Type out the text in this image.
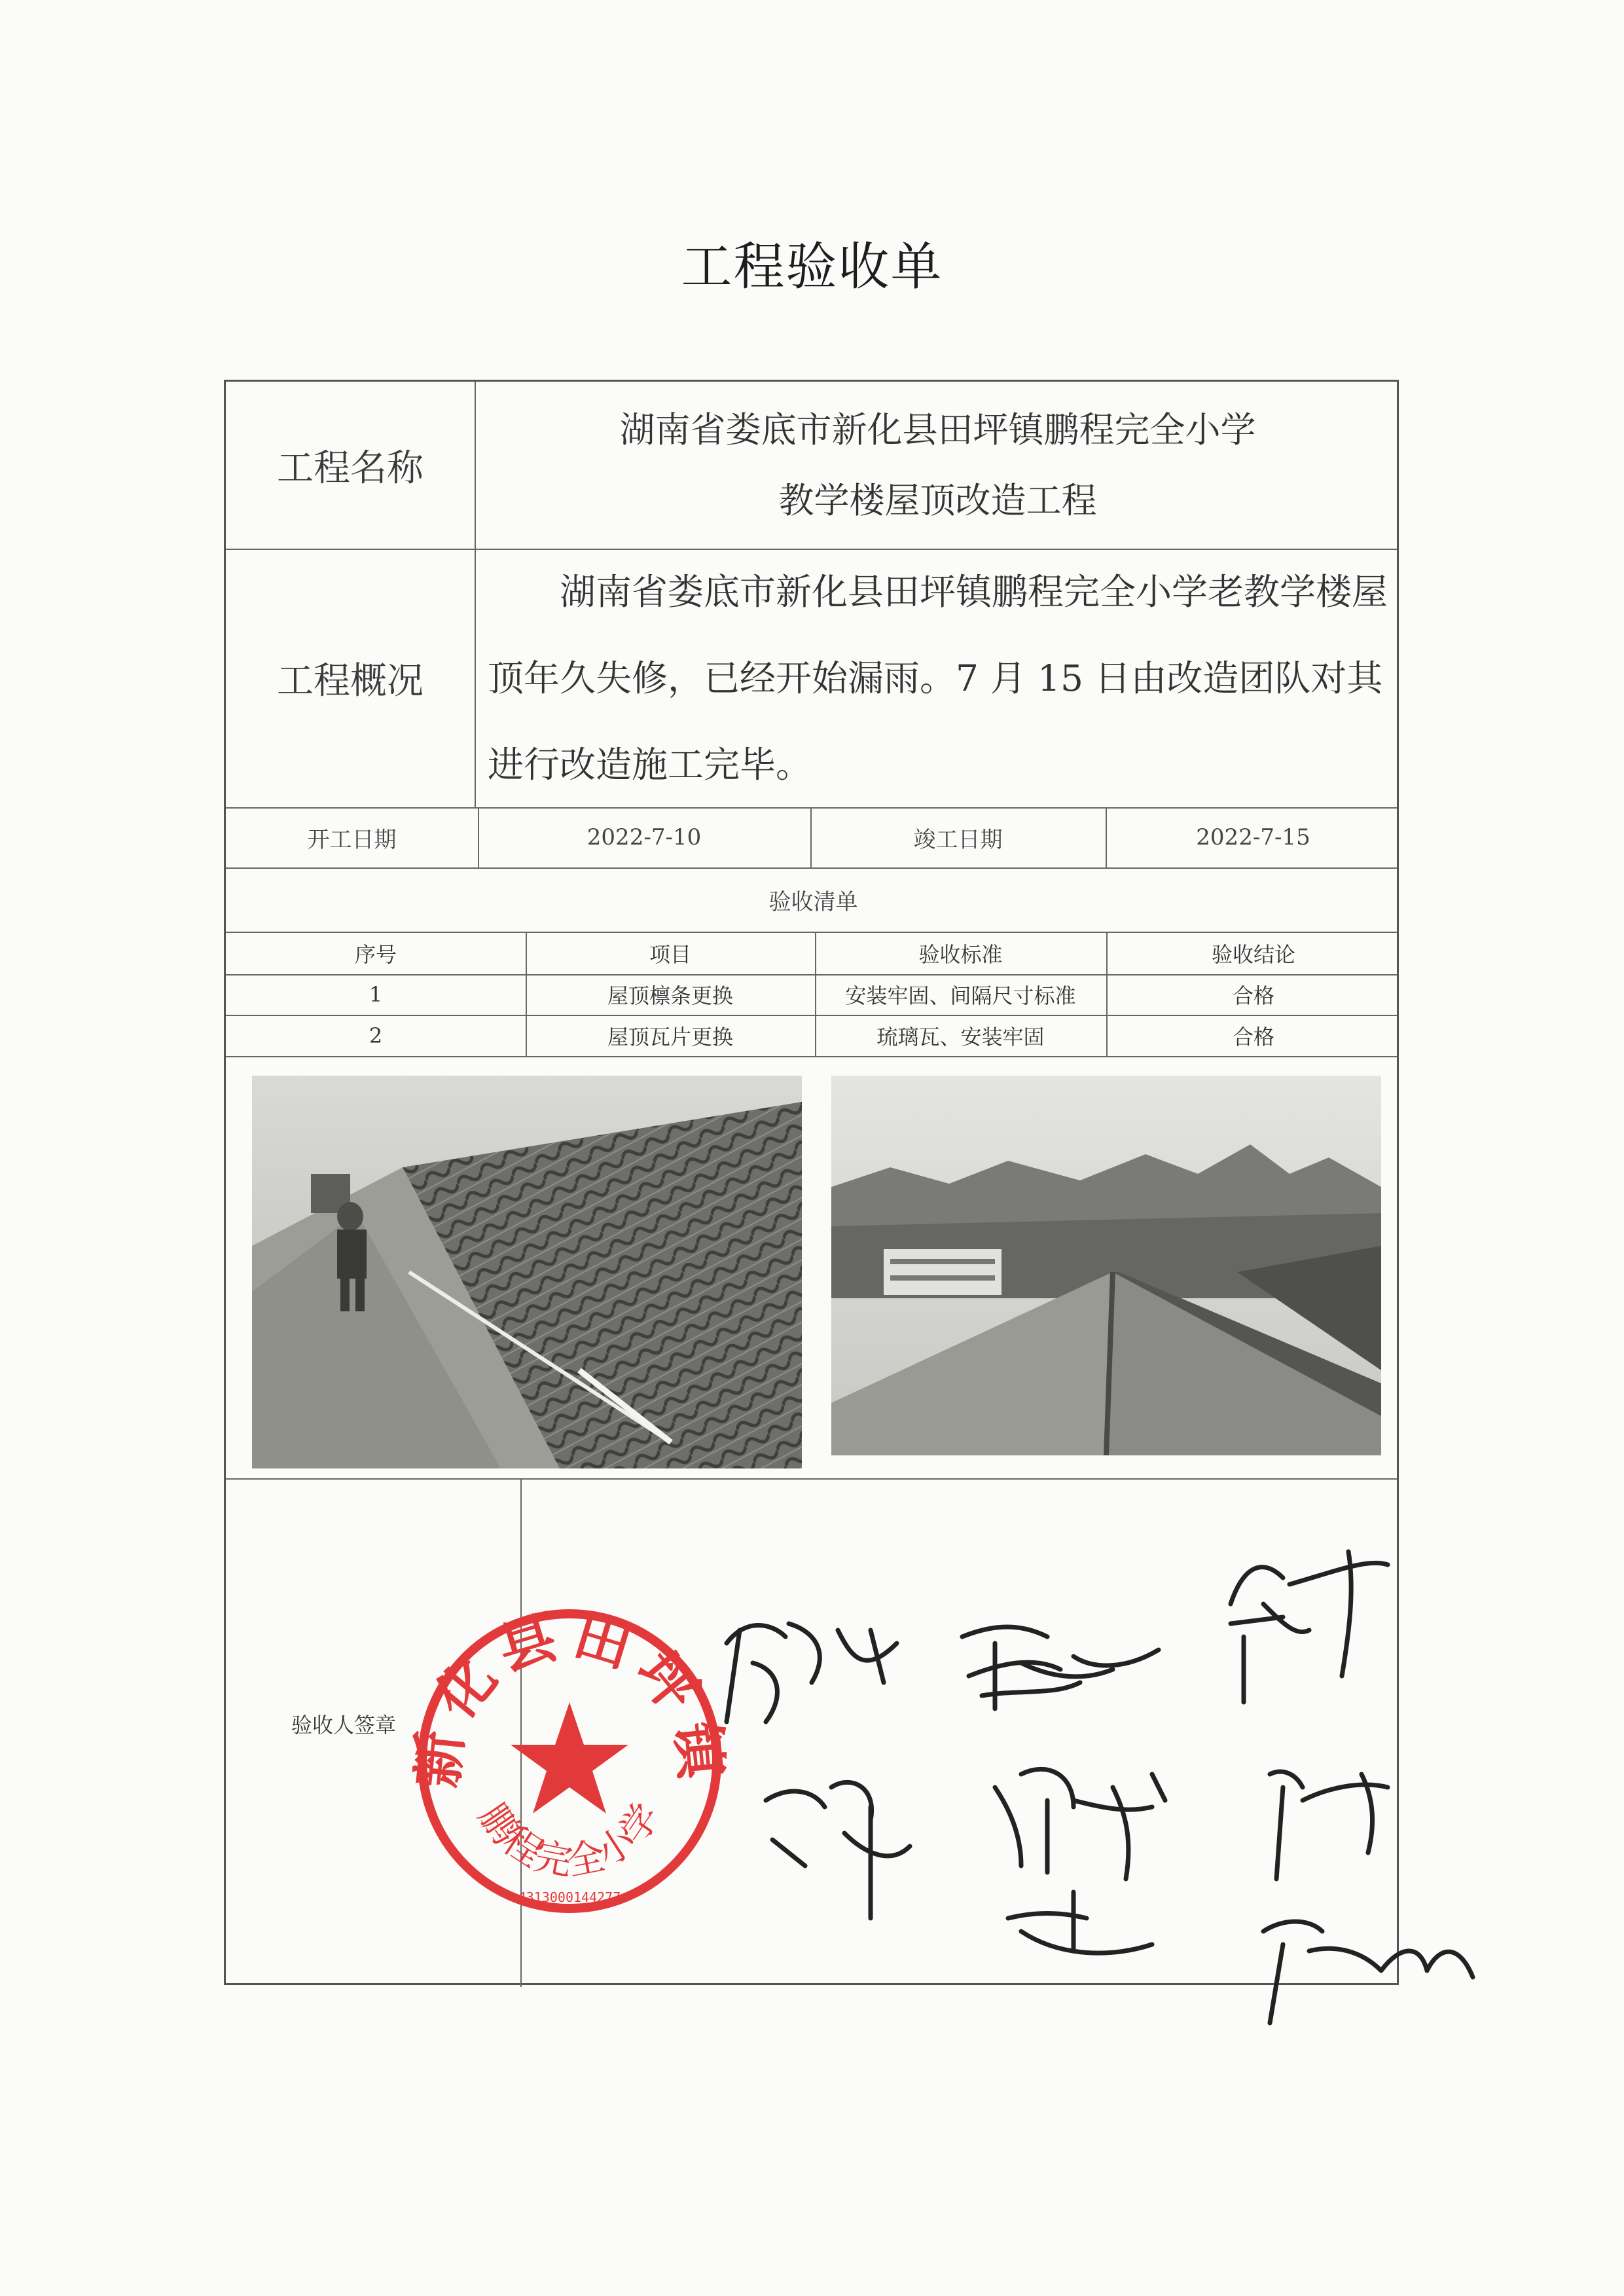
工程验收单
工程名称
湖南省娄底市新化县田坪镇鹏程完全小学
教学楼屋顶改造工程
工程概况
湖南省娄底市新化县田坪镇鹏程完全小学老教学楼屋顶年久失修，已经开始漏雨。7 月 15 日由改造团队对其进行改造施工完毕。
开工日期	2022-7-10	竣工日期	2022-7-15
验收清单
序号	项目	验收标准	验收结论
1	屋顶檩条更换	安装牢固、间隔尺寸标准	合格
2	屋顶瓦片更换	琉璃瓦、安装牢固	合格
验收人签章 化县田坪
鹏程完全小学
4313000144277
